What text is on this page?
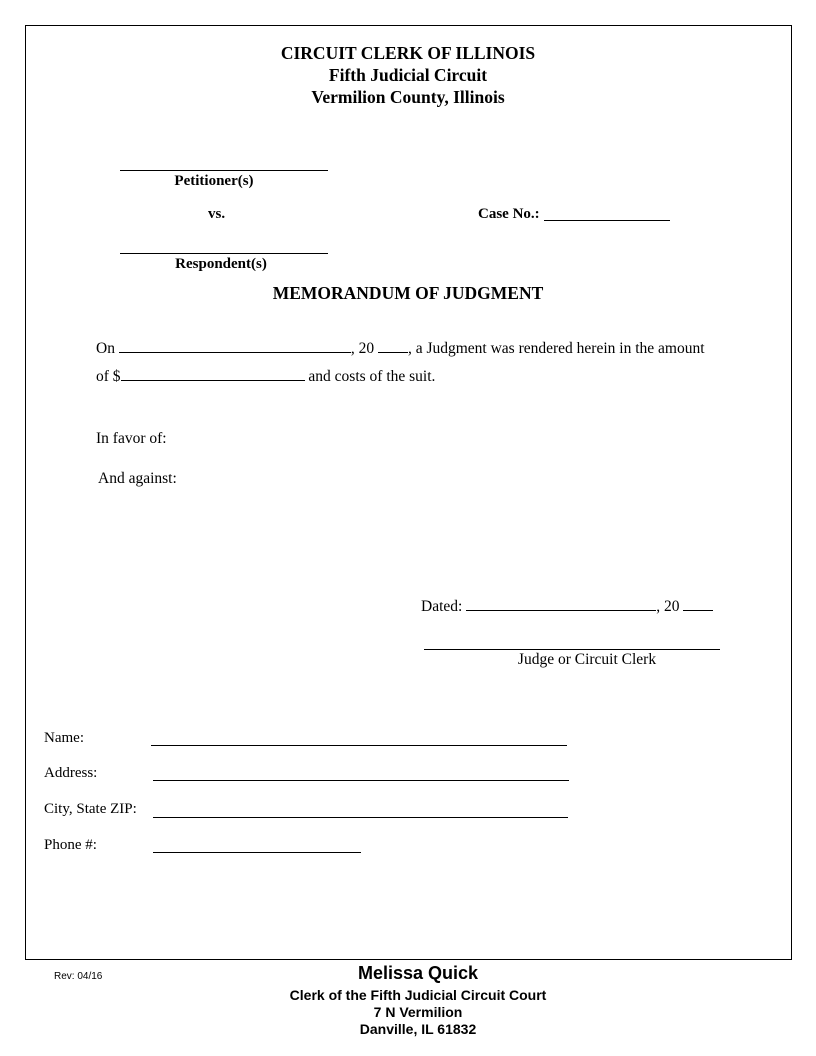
CIRCUIT CLERK OF ILLINOIS
Fifth Judicial Circuit
Vermilion County, Illinois
Petitioner(s)
vs.	Case No.:
Respondent(s)
MEMORANDUM OF JUDGMENT
On	, 20 , a Judgment was rendered herein in the amount
of $	and costs of the suit.
In favor of:
And against:
Dated:	, 20
Judge or Circuit Clerk
Name:
Address:
City, State ZIP:
Phone #:
Rev: 04/16	Melissa Quick
Clerk of the Fifth Judicial Circuit Court
7 N Vermilion
Danville, IL 61832
